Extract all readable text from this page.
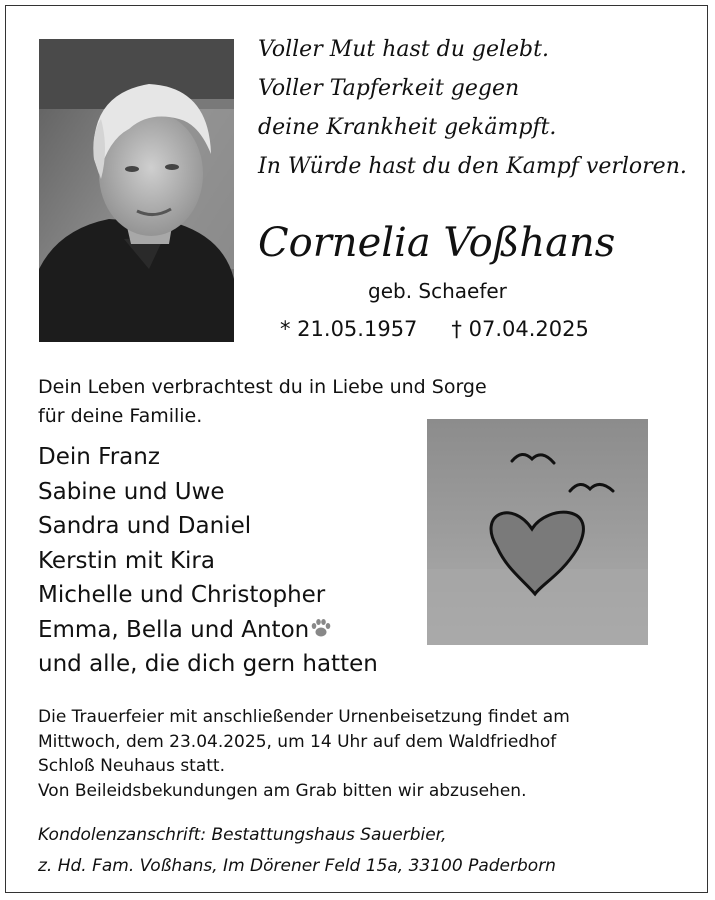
Voller Mut hast du gelebt.
Voller Tapferkeit gegen
deine Krankheit gekämpft.
In Würde hast du den Kampf verloren.
Cornelia Voßhans
geb. Schaefer
* 21.05.1957 † 07.04.2025
Dein Leben verbrachtest du in Liebe und Sorge
für deine Familie.
Dein Franz
Sabine und Uwe
Sandra und Daniel
Kerstin mit Kira
Michelle und Christopher
Emma, Bella und Anton
und alle, die dich gern hatten
Die Trauerfeier mit anschließender Urnenbeisetzung findet am
Mittwoch, dem 23.04.2025, um 14 Uhr auf dem Waldfriedhof
Schloß Neuhaus statt.
Von Beileidsbekundungen am Grab bitten wir abzusehen.
Kondolenzanschrift: Bestattungshaus Sauerbier,
z. Hd. Fam. Voßhans, Im Dörener Feld 15a, 33100 Paderborn
